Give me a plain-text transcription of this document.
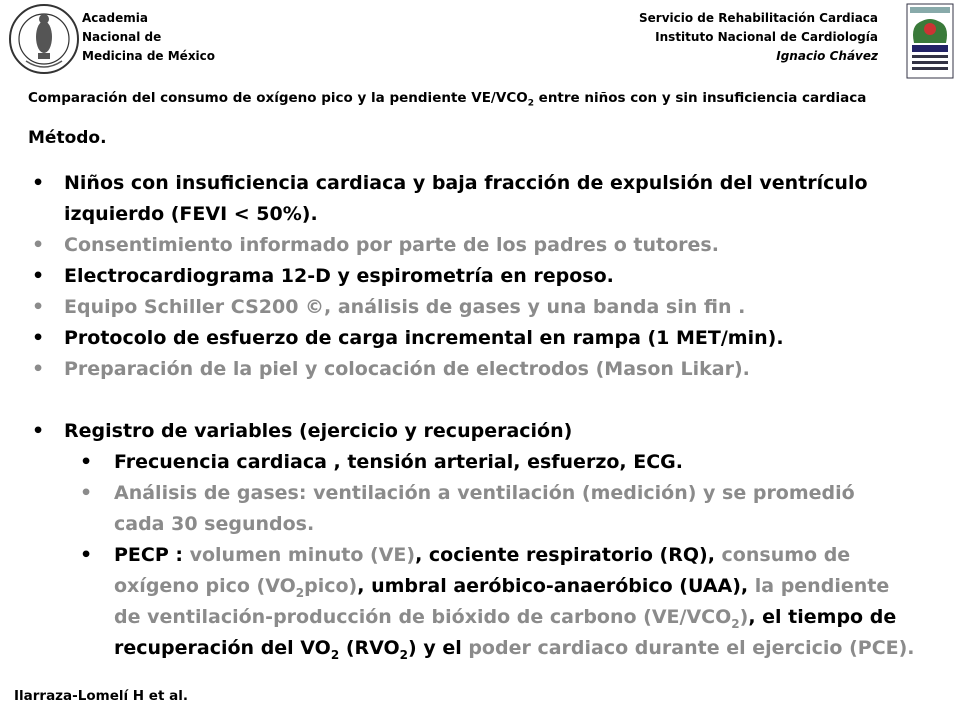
Academia
Nacional de
Medicina de México
Servicio de Rehabilitación Cardiaca
Instituto Nacional de Cardiología
Ignacio Chávez
Comparación del consumo de oxígeno pico y la pendiente $VE/VCO_2$ entre niños con y sin insuficiencia cardiaca
Método.
• Niños con insuficiencia cardiaca y baja fracción de expulsión del ventrículo
izquierdo (FEVI < 50%).
• Consentimiento informado por parte de los padres o tutores.
• Electrocardiograma 12-D y espirometría en reposo.
• Equipo Schiller CS200 ©, análisis de gases y una banda sin fin .
• Protocolo de esfuerzo de carga incremental en rampa (1 MET/min).
• Preparación de la piel y colocación de electrodos (Mason Likar).
• Registro de variables (ejercicio y recuperación)
• Frecuencia cardiaca , tensión arterial, esfuerzo, ECG.
• Análisis de gases: ventilación a ventilación (medición) y se promedió
cada 30 segundos.
• PECP : volumen minuto (VE), cociente respiratorio (RQ), consumo de
oxígeno pico $(VO_2pico)$, umbral aeróbico-anaeróbico (UAA), la pendiente
de ventilación-producción de bióxido de carbono $(VE/VCO_2)$, el tiempo de
recuperación del $VO_2$ $(RVO_2)$ y el poder cardiaco durante el ejercicio (PCE).
Ilarraza-Lomelí H et al.
